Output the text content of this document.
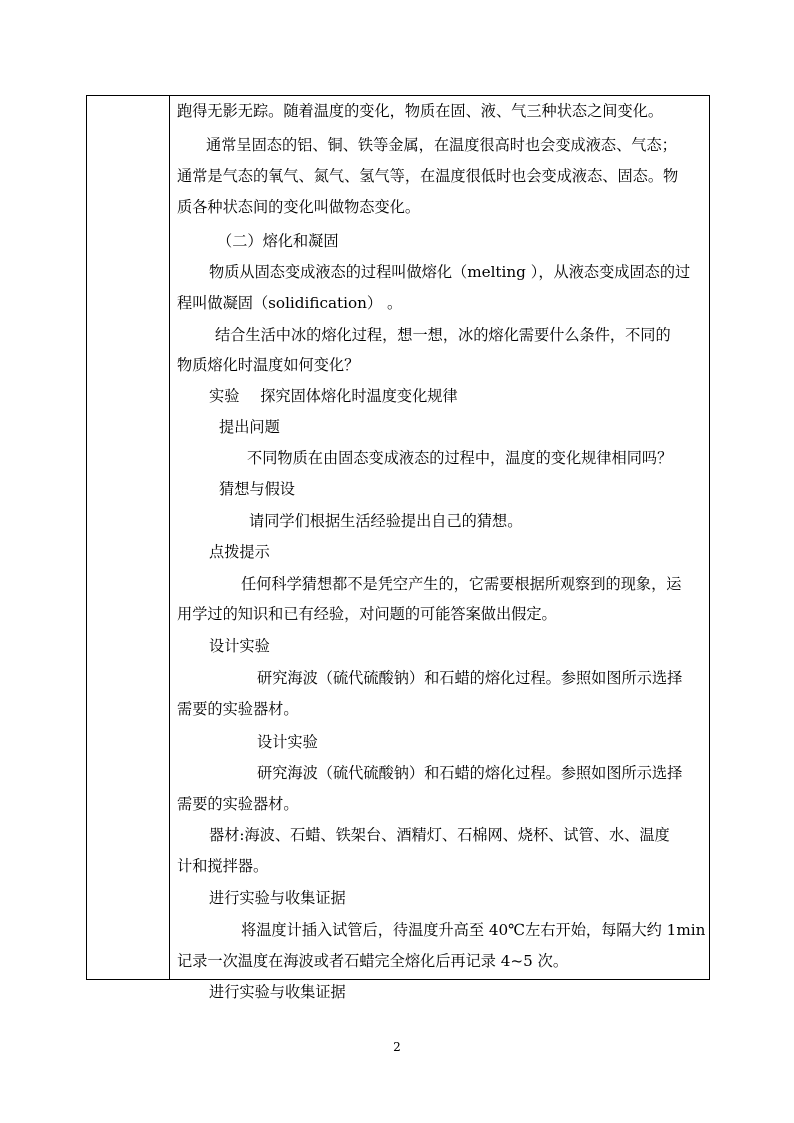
跑得无影无踪。随着温度的变化，物质在固、液、气三种状态之间变化。
通常呈固态的铝、铜、铁等金属，在温度很高时也会变成液态、气态；
通常是气态的氧气、氮气、氢气等，在温度很低时也会变成液态、固态。物
质各种状态间的变化叫做物态变化。
（二）熔化和凝固
物质从固态变成液态的过程叫做熔化（melting ），从液态变成固态的过
程叫做凝固（solidification） 。
结合生活中冰的熔化过程，想一想，冰的熔化需要什么条件，不同的
物质熔化时温度如何变化？
实验 探究固体熔化时温度变化规律
提出问题
不同物质在由固态变成液态的过程中，温度的变化规律相同吗？
猜想与假设
请同学们根据生活经验提出自己的猜想。
点拨提示
任何科学猜想都不是凭空产生的，它需要根据所观察到的现象，运
用学过的知识和已有经验，对问题的可能答案做出假定。
设计实验
研究海波（硫代硫酸钠）和石蜡的熔化过程。参照如图所示选择
需要的实验器材。
设计实验
研究海波（硫代硫酸钠）和石蜡的熔化过程。参照如图所示选择
需要的实验器材。
器材:海波、石蜡、铁架台、酒精灯、石棉网、烧杯、试管、水、温度
计和搅拌器。
进行实验与收集证据
将温度计插入试管后，待温度升高至 40℃左右开始，每隔大约 1min
记录一次温度在海波或者石蜡完全熔化后再记录 4~5 次。
进行实验与收集证据
2
